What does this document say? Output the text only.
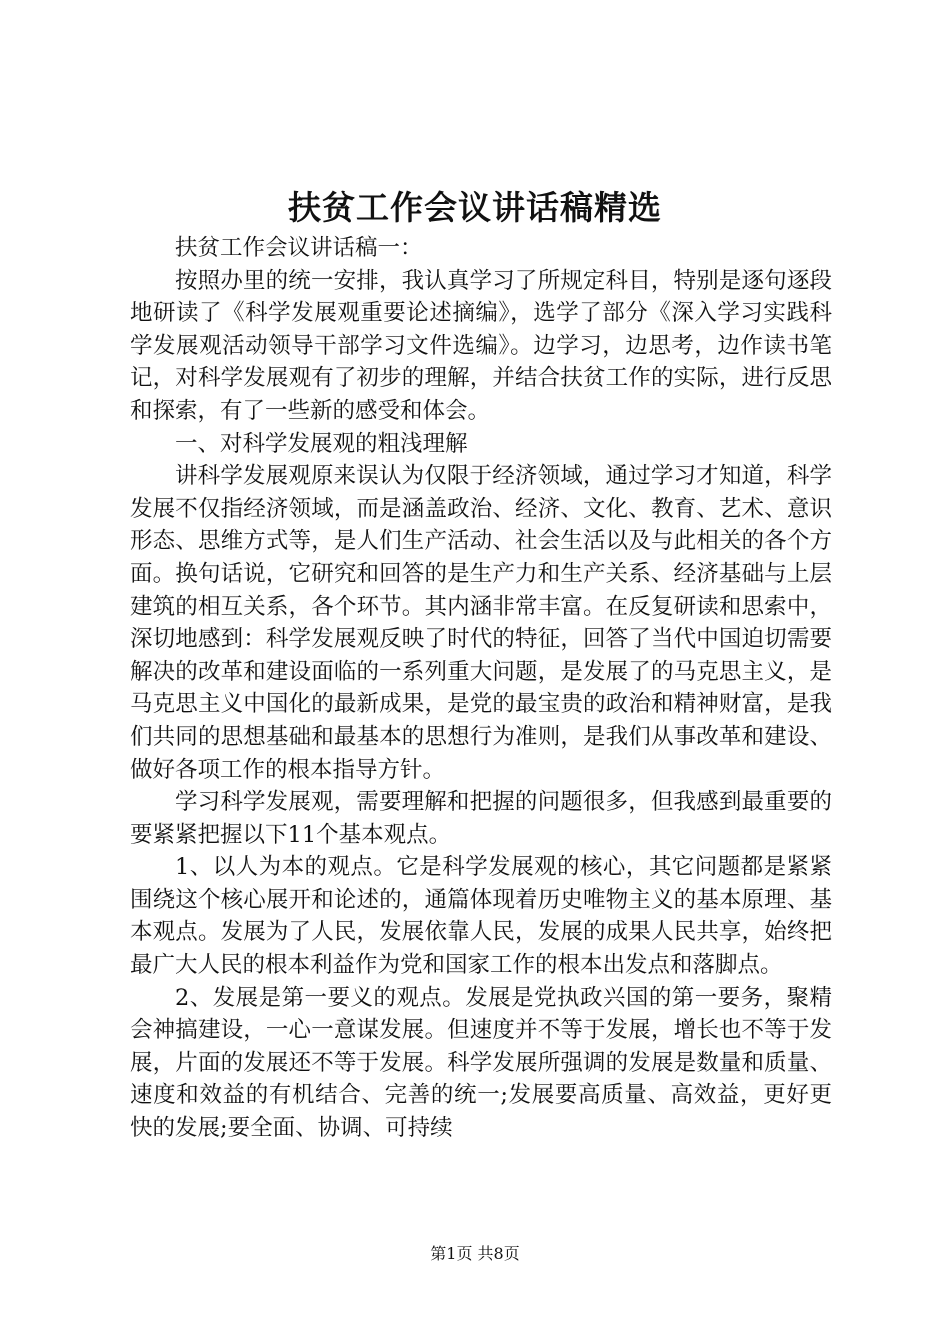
扶贫工作会议讲话稿精选

扶贫工作会议讲话稿一：

按照办里的统一安排，我认真学习了所规定科目，特别是逐句逐段地研读了《科学发展观重要论述摘编》，选学了部分《深入学习实践科学发展观活动领导干部学习文件选编》。边学习，边思考，边作读书笔记，对科学发展观有了初步的理解，并结合扶贫工作的实际，进行反思和探索，有了一些新的感受和体会。

一、对科学发展观的粗浅理解

讲科学发展观原来误认为仅限于经济领域，通过学习才知道，科学发展不仅指经济领域，而是涵盖政治、经济、文化、教育、艺术、意识形态、思维方式等，是人们生产活动、社会生活以及与此相关的各个方面。换句话说，它研究和回答的是生产力和生产关系、经济基础与上层建筑的相互关系，各个环节。其内涵非常丰富。在反复研读和思索中，深切地感到：科学发展观反映了时代的特征，回答了当代中国迫切需要解决的改革和建设面临的一系列重大问题，是发展了的马克思主义，是马克思主义中国化的最新成果，是党的最宝贵的政治和精神财富，是我们共同的思想基础和最基本的思想行为准则，是我们从事改革和建设、做好各项工作的根本指导方针。

学习科学发展观，需要理解和把握的问题很多，但我感到最重要的要紧紧把握以下11个基本观点。

1、以人为本的观点。它是科学发展观的核心，其它问题都是紧紧围绕这个核心展开和论述的，通篇体现着历史唯物主义的基本原理、基本观点。发展为了人民，发展依靠人民，发展的成果人民共享，始终把最广大人民的根本利益作为党和国家工作的根本出发点和落脚点。

2、发展是第一要义的观点。发展是党执政兴国的第一要务，聚精会神搞建设，一心一意谋发展。但速度并不等于发展，增长也不等于发展，片面的发展还不等于发展。科学发展所强调的发展是数量和质量、速度和效益的有机结合、完善的统一;发展要高质量、高效益，更好更快的发展;要全面、协调、可持续

第1页 共8页
